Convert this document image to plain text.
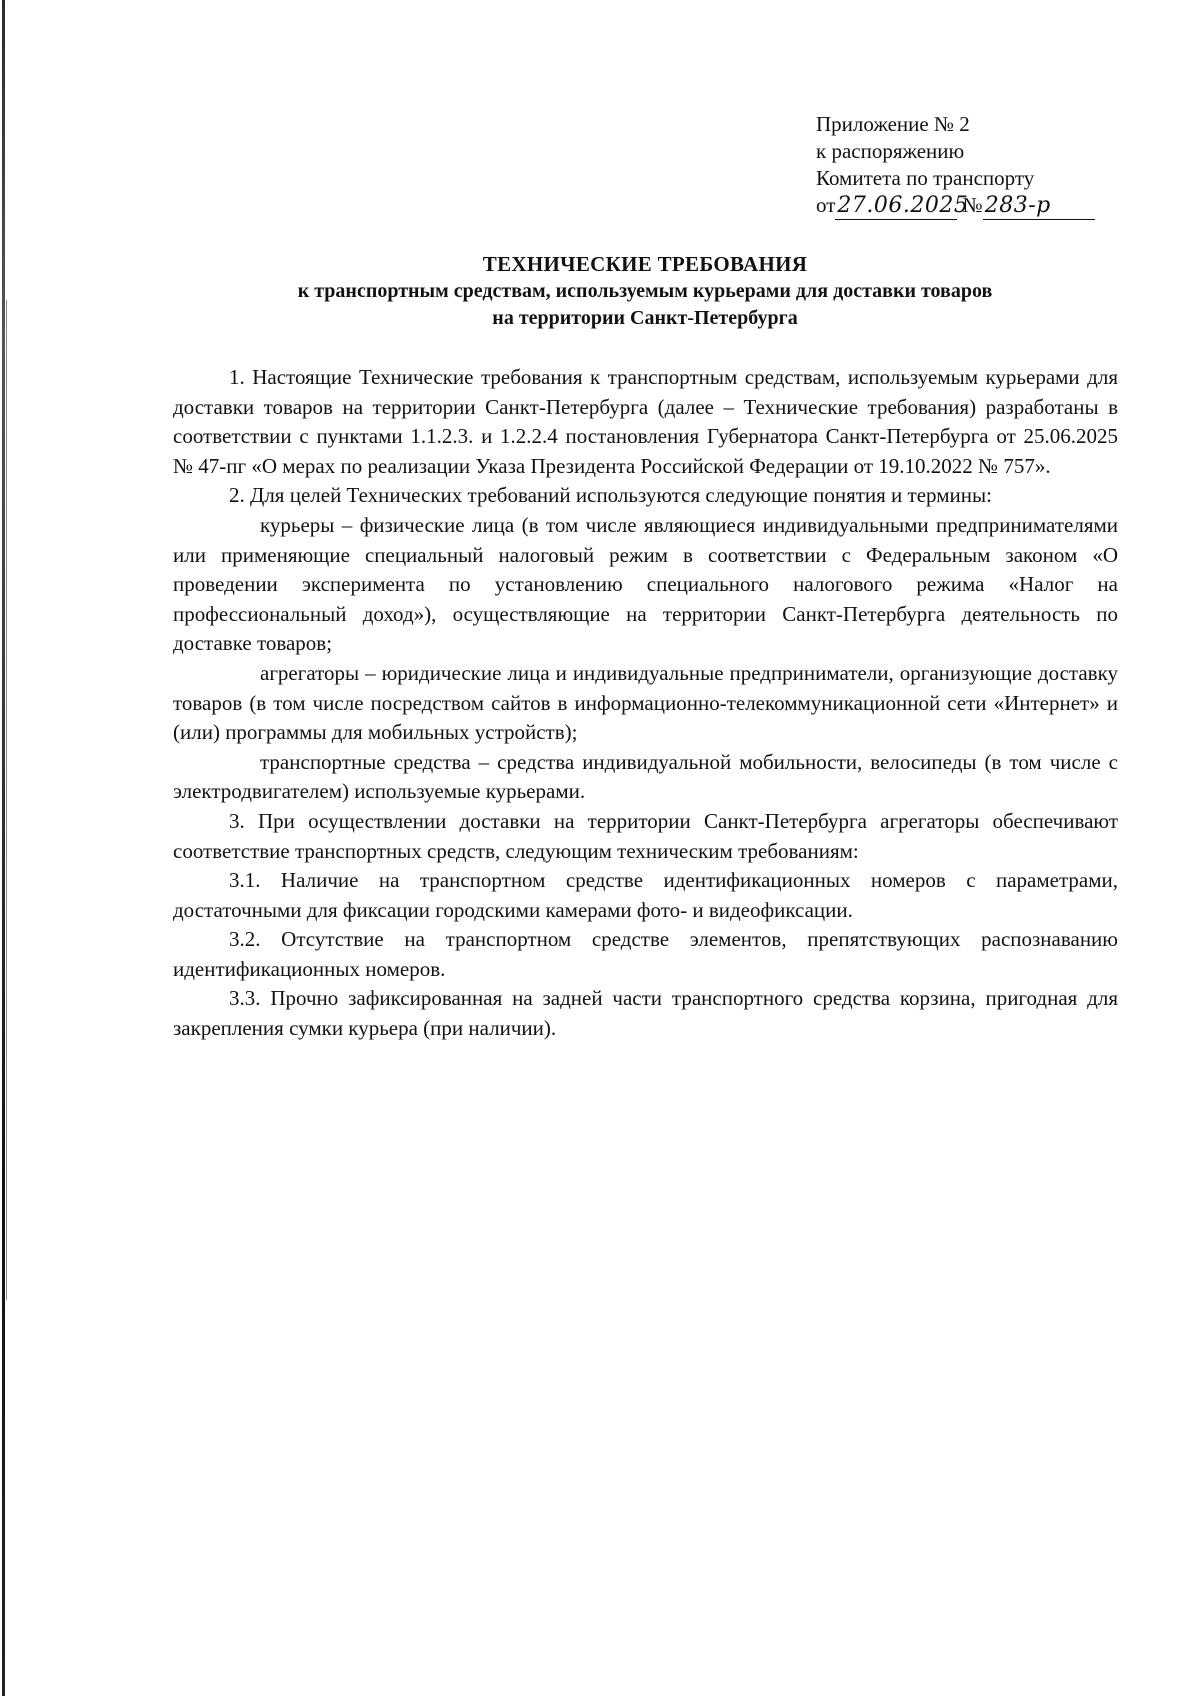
Приложение № 2
к распоряжению
Комитета по транспорту
от27.06.2025 №283-р
ТЕХНИЧЕСКИЕ ТРЕБОВАНИЯ
к транспортным средствам, используемым курьерами для доставки товаров
на территории Санкт-Петербурга

1. Настоящие Технические требования к транспортным средствам, используемым курьерами для доставки товаров на территории Санкт-Петербурга (далее – Технические требования) разработаны в соответствии с пунктами 1.1.2.3. и 1.2.2.4 постановления Губернатора Санкт-Петербурга от 25.06.2025 № 47-пг «О мерах по реализации Указа Президента Российской Федерации от 19.10.2022 № 757».

2. Для целей Технических требований используются следующие понятия и термины:

курьеры – физические лица (в том числе являющиеся индивидуальными предпринимателями или применяющие специальный налоговый режим в соответствии с Федеральным законом «О проведении эксперимента по установлению специального налогового режима «Налог на профессиональный доход»), осуществляющие на территории Санкт-Петербурга деятельность по доставке товаров;

агрегаторы – юридические лица и индивидуальные предприниматели, организующие доставку товаров (в том числе посредством сайтов в информационно-телекоммуникационной сети «Интернет» и (или) программы для мобильных устройств);

транспортные средства – средства индивидуальной мобильности, велосипеды (в том числе с электродвигателем) используемые курьерами.

3. При осуществлении доставки на территории Санкт-Петербурга агрегаторы обеспечивают соответствие транспортных средств, следующим техническим требованиям:

3.1. Наличие на транспортном средстве идентификационных номеров с параметрами, достаточными для фиксации городскими камерами фото- и видеофиксации.

3.2. Отсутствие на транспортном средстве элементов, препятствующих распознаванию идентификационных номеров.

3.3. Прочно зафиксированная на задней части транспортного средства корзина, пригодная для закрепления сумки курьера (при наличии).
